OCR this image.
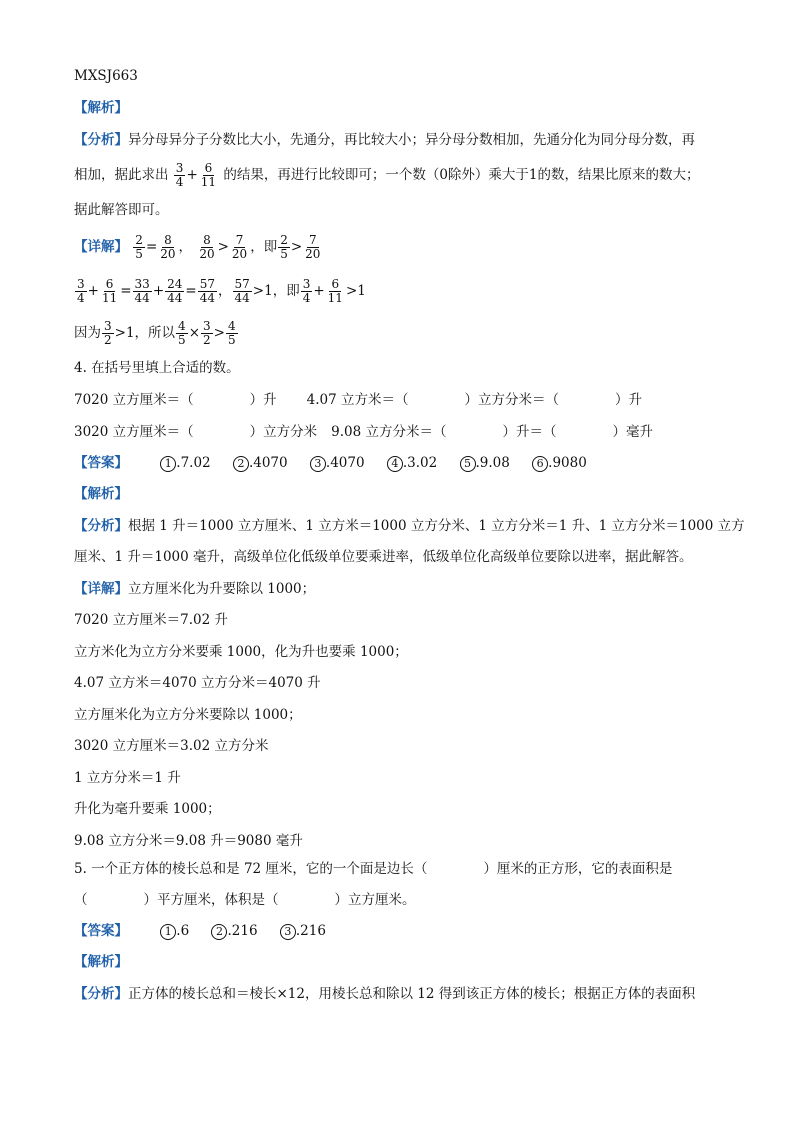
MXSJ663
【解析】
【分析】异分母异分子分数比大小，先通分，再比较大小；异分母分数相加，先通分化为同分母分数，再
相加，据此求出 $\frac{3}{4} + \frac{6}{11}$ 的结果，再进行比较即可；一个数（0除外）乘大于1的数，结果比原来的数大；
据此解答即可。
【详解】 $\frac{2}{5} = \frac{8}{20}$ ， $\frac{8}{20} > \frac{7}{20}$ ，即 $\frac{2}{5} > \frac{7}{20}$
$\frac{3}{4} + \frac{6}{11} = \frac{33}{44} + \frac{24}{44} = \frac{57}{44}$ ， $\frac{57}{44} >1$，即 $\frac{3}{4} + \frac{6}{11} >1$
因为 $\frac{3}{2} >1$，所以 $\frac{4}{5} \times \frac{3}{2} > \frac{4}{5}$
4. 在括号里填上合适的数。
7020 立方厘米＝（	）升 4.07 立方米＝（	）立方分米＝（	）升
3020 立方厘米＝（	）立方分米 9.08 立方分米＝（	）升＝（	）毫升
【答案】	1 .7.02 2 .4070 3 .4070 4 .3.02 5 .9.08 6 .9080
【解析】
【分析】根据 1 升＝1000 立方厘米、1 立方米＝1000 立方分米、1 立方分米＝1 升、1 立方分米＝1000 立方
厘米、1 升＝1000 毫升，高级单位化低级单位要乘进率，低级单位化高级单位要除以进率，据此解答。
【详解】立方厘米化为升要除以 1000；
7020 立方厘米＝7.02 升
立方米化为立方分米要乘 1000，化为升也要乘 1000；
4.07 立方米＝4070 立方分米＝4070 升
立方厘米化为立方分米要除以 1000；
3020 立方厘米＝3.02 立方分米
1 立方分米＝1 升
升化为毫升要乘 1000；
9.08 立方分米＝9.08 升＝9080 毫升
5. 一个正方体的棱长总和是 72 厘米，它的一个面是边长（	）厘米的正方形，它的表面积是
（	）平方厘米，体积是（	）立方厘米。
【答案】	1 .6 2 .216 3 .216
【解析】
【分析】正方体的棱长总和＝棱长×12，用棱长总和除以 12 得到该正方体的棱长；根据正方体的表面积
